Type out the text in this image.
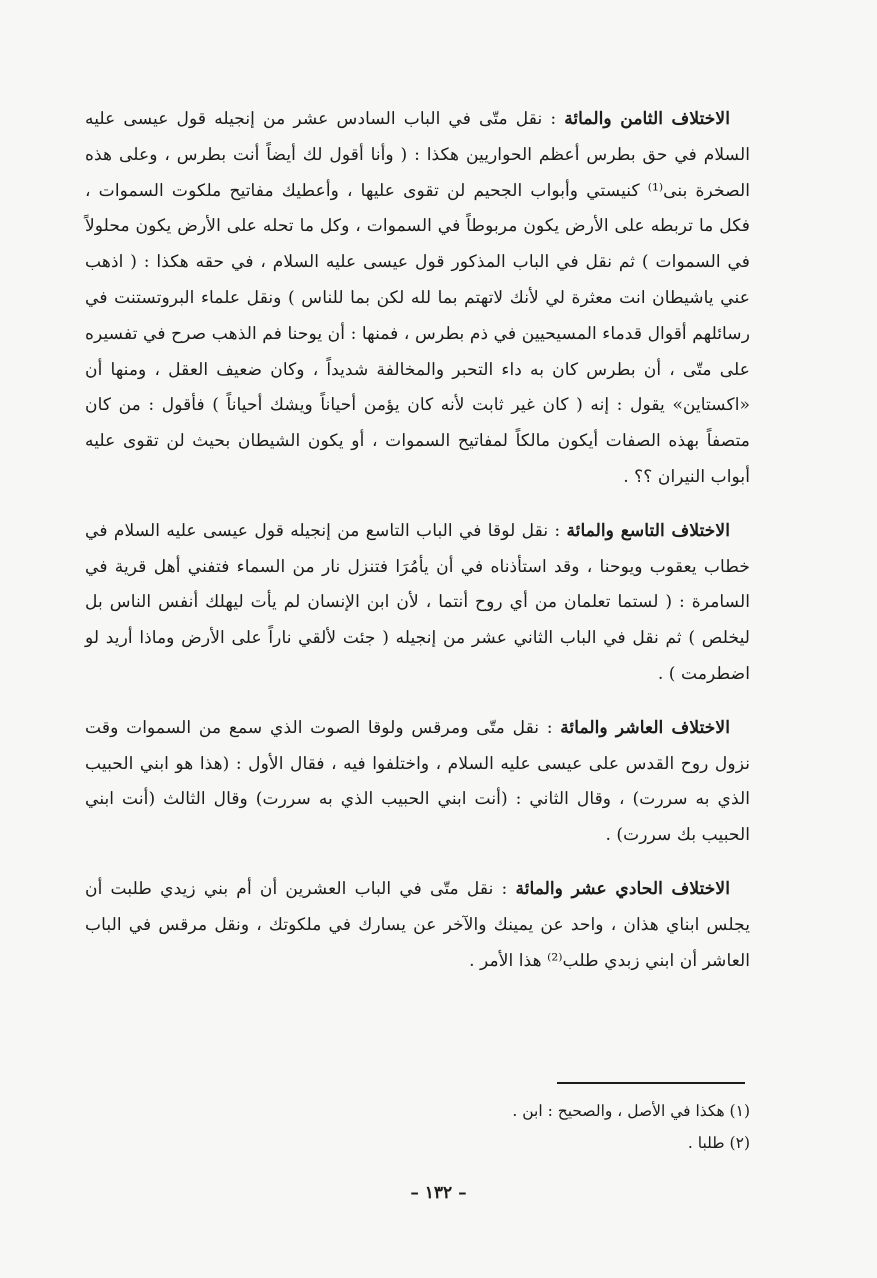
الاختلاف الثامن والمائة : نقل متّى في الباب السادس عشر من إنجيله قول عيسى عليه السلام في حق بطرس أعظم الحواريين هكذا : ( وأنا أقول لك أيضاً أنت بطرس ، وعلى هذه الصخرة بنى⁽¹⁾ كنيستي وأبواب الجحيم لن تقوى عليها ، وأعطيك مفاتيح ملكوت السموات ، فكل ما تربطه على الأرض يكون مربوطاً في السموات ، وكل ما تحله على الأرض يكون محلولاً في السموات ) ثم نقل في الباب المذكور قول عيسى عليه السلام ، في حقه هكذا : ( اذهب عني ياشيطان انت معثرة لي لأنك لاتهتم بما لله لكن بما للناس ) ونقل علماء البروتستنت في رسائلهم أقوال قدماء المسيحيين في ذم بطرس ، فمنها : أن يوحنا فم الذهب صرح في تفسيره على متّى ، أن بطرس كان به داء التحبر والمخالفة شديداً ، وكان ضعيف العقل ، ومنها أن «اكستاين» يقول : إنه ( كان غير ثابت لأنه كان يؤمن أحياناً ويشك أحياناً ) فأقول : من كان متصفاً بهذه الصفات أيكون مالكاً لمفاتيح السموات ، أو يكون الشيطان بحيث لن تقوى عليه أبواب النيران ؟؟ .

الاختلاف التاسع والمائة : نقل لوقا في الباب التاسع من إنجيله قول عيسى عليه السلام في خطاب يعقوب ويوحنا ، وقد استأذناه في أن يأمُرَا فتنزل نار من السماء فتفني أهل قرية في السامرة : ( لستما تعلمان من أي روح أنتما ، لأن ابن الإنسان لم يأت ليهلك أنفس الناس بل ليخلص ) ثم نقل في الباب الثاني عشر من إنجيله ( جئت لألقي ناراً على الأرض وماذا أريد لو اضطرمت ) .

الاختلاف العاشر والمائة : نقل متّى ومرقس ولوقا الصوت الذي سمع من السموات وقت نزول روح القدس على عيسى عليه السلام ، واختلفوا فيه ، فقال الأول : (هذا هو ابني الحبيب الذي به سررت) ، وقال الثاني : (أنت ابني الحبيب الذي به سررت) وقال الثالث (أنت ابني الحبيب بك سررت) .

الاختلاف الحادي عشر والمائة : نقل متّى في الباب العشرين أن أم بني زيدي طلبت أن يجلس ابناي هذان ، واحد عن يمينك والآخر عن يسارك في ملكوتك ، ونقل مرقس في الباب العاشر أن ابني زبدي طلب⁽²⁾ هذا الأمر .

(١) هكذا في الأصل ، والصحيح : ابن .

(٢) طلبا .

– ١٣٢ –
